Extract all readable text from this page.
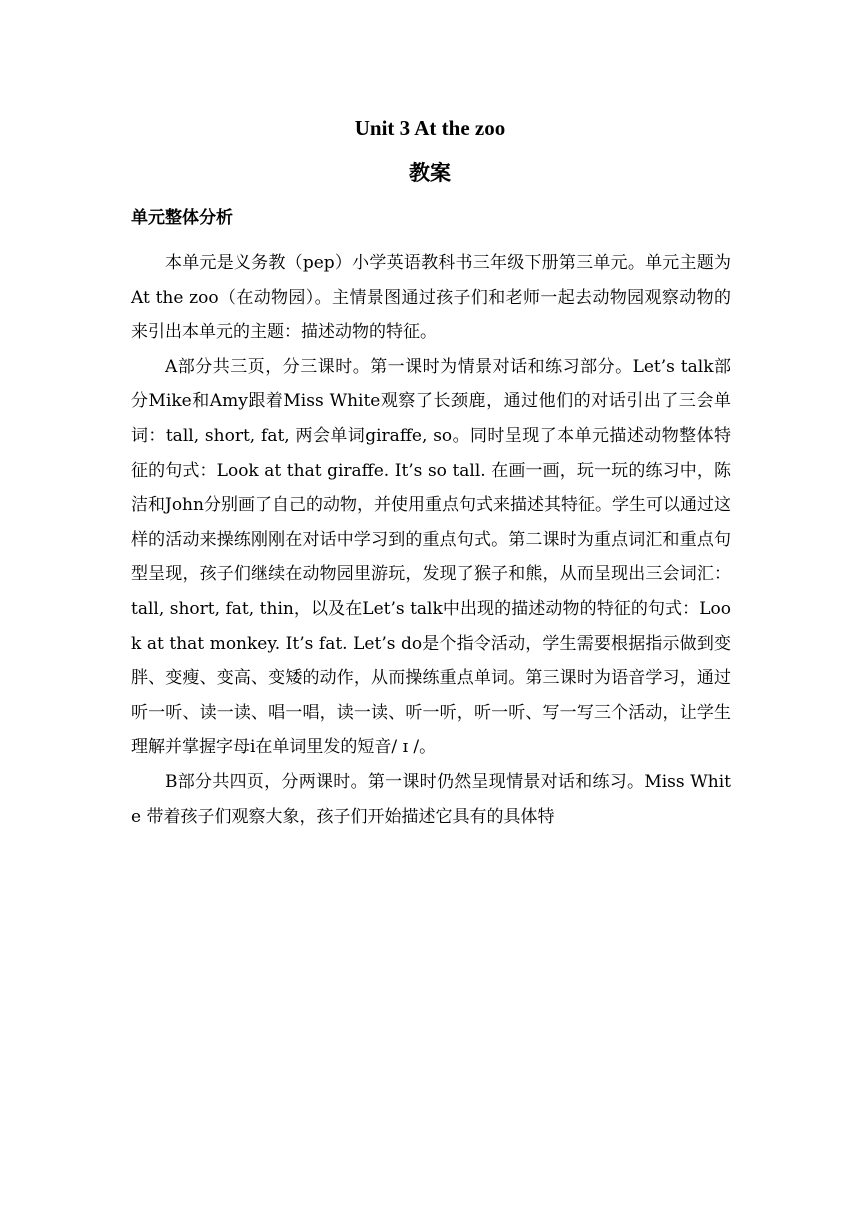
Unit 3 At the zoo
教案
单元整体分析

本单元是义务教（pep）小学英语教科书三年级下册第三单元。单元主题为At the zoo（在动物园）。主情景图通过孩子们和老师一起去动物园观察动物的来引出本单元的主题：描述动物的特征。

A部分共三页，分三课时。第一课时为情景对话和练习部分。Let’s talk部分Mike和Amy跟着Miss White观察了长颈鹿，通过他们的对话引出了三会单词：tall, short, fat, 两会单词giraffe, so。同时呈现了本单元描述动物整体特征的句式：Look at that giraffe. It’s so tall. 在画一画，玩一玩的练习中，陈洁和John分别画了自己的动物，并使用重点句式来描述其特征。学生可以通过这样的活动来操练刚刚在对话中学习到的重点句式。第二课时为重点词汇和重点句型呈现，孩子们继续在动物园里游玩，发现了猴子和熊，从而呈现出三会词汇：tall, short, fat, thin，以及在Let’s talk中出现的描述动物的特征的句式：Look at that monkey. It’s fat. Let’s do是个指令活动，学生需要根据指示做到变胖、变瘦、变高、变矮的动作，从而操练重点单词。第三课时为语音学习，通过听一听、读一读、唱一唱，读一读、听一听，听一听、写一写三个活动，让学生理解并掌握字母i在单词里发的短音/ ɪ /。

B部分共四页，分两课时。第一课时仍然呈现情景对话和练习。Miss White 带着孩子们观察大象，孩子们开始描述它具有的具体特
